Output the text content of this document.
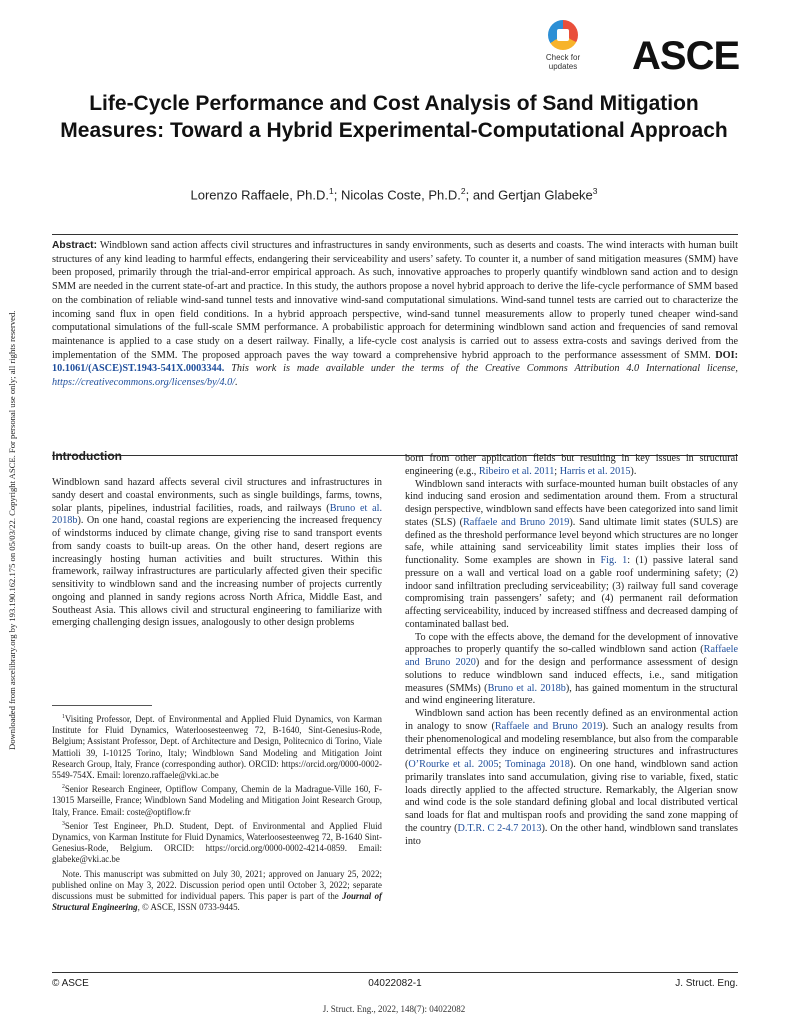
Check for
updates	ASCE
Life-Cycle Performance and Cost Analysis of Sand Mitigation Measures: Toward a Hybrid Experimental-Computational Approach
Lorenzo Raffaele, Ph.D.$^1$; Nicolas Coste, Ph.D.$^2$; and Gertjan Glabeke$^3$
Downloaded from ascelibrary.org by 193.190.162.175 on 05/03/22. Copyright ASCE. For personal use only; all rights reserved.
Abstract: Windblown sand action affects civil structures and infrastructures in sandy environments, such as deserts and coasts. The wind interacts with human built structures of any kind leading to harmful effects, endangering their serviceability and users’ safety. To counter it, a number of sand mitigation measures (SMM) have been proposed, primarily through the trial-and-error empirical approach. As such, innovative approaches to properly quantify windblown sand action and to design SMM are needed in the current state-of-art and practice. In this study, the authors propose a novel hybrid approach to derive the life-cycle performance of SMM based on the combination of reliable wind-sand tunnel tests and innovative wind-sand computational simulations. Wind-sand tunnel tests are carried out to characterize the incoming sand flux in open field conditions. In a hybrid approach perspective, wind-sand tunnel measurements allow to properly tuned cheaper wind-sand computational simulations of the full-scale SMM performance. A probabilistic approach for determining windblown sand action and frequencies of sand removal maintenance is applied to a case study on a desert railway. Finally, a life-cycle cost analysis is carried out to assess extra-costs and savings derived from the implementation of the SMM. The proposed approach paves the way toward a comprehensive hybrid approach to the performance assessment of SMM. DOI: 10.1061/(ASCE)ST.1943-541X.0003344. This work is made available under the terms of the Creative Commons Attribution 4.0 International license, https://creativecommons.org/licenses/by/4.0/.
Introduction

Windblown sand hazard affects several civil structures and infrastructures in sandy desert and coastal environments, such as single buildings, farms, towns, solar plants, pipelines, industrial facilities, roads, and railways (Bruno et al. 2018b). On one hand, coastal regions are experiencing the increased frequency of windstorms induced by climate change, giving rise to sand transport events from sandy coasts to built-up areas. On the other hand, desert regions are increasingly hosting human activities and built structures. Within this framework, railway infrastructures are particularly affected given their specific sensitivity to windblown sand and the increasing number of projects currently ongoing and planned in sandy regions across North Africa, Middle East, and Southeast Asia. This allows civil and structural engineering to familiarize with emerging challenging design issues, analogously to other design problems

$^1$Visiting Professor, Dept. of Environmental and Applied Fluid Dynamics, von Karman Institute for Fluid Dynamics, Waterloosesteenweg 72, B-1640, Sint-Genesius-Rode, Belgium; Assistant Professor, Dept. of Architecture and Design, Politecnico di Torino, Viale Mattioli 39, I-10125 Torino, Italy; Windblown Sand Modeling and Mitigation Joint Research Group, Italy, France (corresponding author). ORCID: https://orcid.org/0000-0002-5549-754X. Email: lorenzo.raffaele@vki.ac.be

$^2$Senior Research Engineer, Optiflow Company, Chemin de la Madrague-Ville 160, F-13015 Marseille, France; Windblown Sand Modeling and Mitigation Joint Research Group, Italy, France. Email: coste@optiflow.fr

$^3$Senior Test Engineer, Ph.D. Student, Dept. of Environmental and Applied Fluid Dynamics, von Karman Institute for Fluid Dynamics, Waterloosesteenweg 72, B-1640 Sint-Genesius-Rode, Belgium. ORCID: https://orcid.org/0000-0002-4214-0859. Email: glabeke@vki.ac.be

Note. This manuscript was submitted on July 30, 2021; approved on January 25, 2022; published online on May 3, 2022. Discussion period open until October 3, 2022; separate discussions must be submitted for individual papers. This paper is part of the Journal of Structural Engineering, © ASCE, ISSN 0733-9445.

born from other application fields but resulting in key issues in structural engineering (e.g., Ribeiro et al. 2011; Harris et al. 2015).

Windblown sand interacts with surface-mounted human built obstacles of any kind inducing sand erosion and sedimentation around them. From a structural design perspective, windblown sand effects have been categorized into sand limit states (SLS) (Raffaele and Bruno 2019). Sand ultimate limit states (SULS) are defined as the threshold performance level beyond which structures are no longer safe, while attaining sand serviceability limit states implies their loss of functionality. Some examples are shown in Fig. 1: (1) passive lateral sand pressure on a wall and vertical load on a gable roof undermining safety; (2) indoor sand infiltration precluding serviceability; (3) railway full sand coverage compromising train passengers’ safety; and (4) permanent rail deformation affecting serviceability, induced by increased stiffness and decreased damping of contaminated ballast bed.

To cope with the effects above, the demand for the development of innovative approaches to properly quantify the so-called windblown sand action (Raffaele and Bruno 2020) and for the design and performance assessment of design solutions to reduce windblown sand induced effects, i.e., sand mitigation measures (SMMs) (Bruno et al. 2018b), has gained momentum in the structural and wind engineering literature.

Windblown sand action has been recently defined as an environmental action in analogy to snow (Raffaele and Bruno 2019). Such an analogy results from their phenomenological and modeling resemblance, but also from the comparable detrimental effects they induce on engineering structures and infrastructures (O’Rourke et al. 2005; Tominaga 2018). On one hand, windblown sand action primarily translates into sand accumulation, giving rise to variable, fixed, static loads directly applied to the affected structure. Remarkably, the Algerian snow and wind code is the sole standard defining global and local distributed vertical sand loads for flat and multispan roofs and providing the sand zone mapping of the country (D.T.R. C 2-4.7 2013). On the other hand, windblown sand translates into

© ASCE	04022082-1	J. Struct. Eng.
J. Struct. Eng., 2022, 148(7): 04022082
